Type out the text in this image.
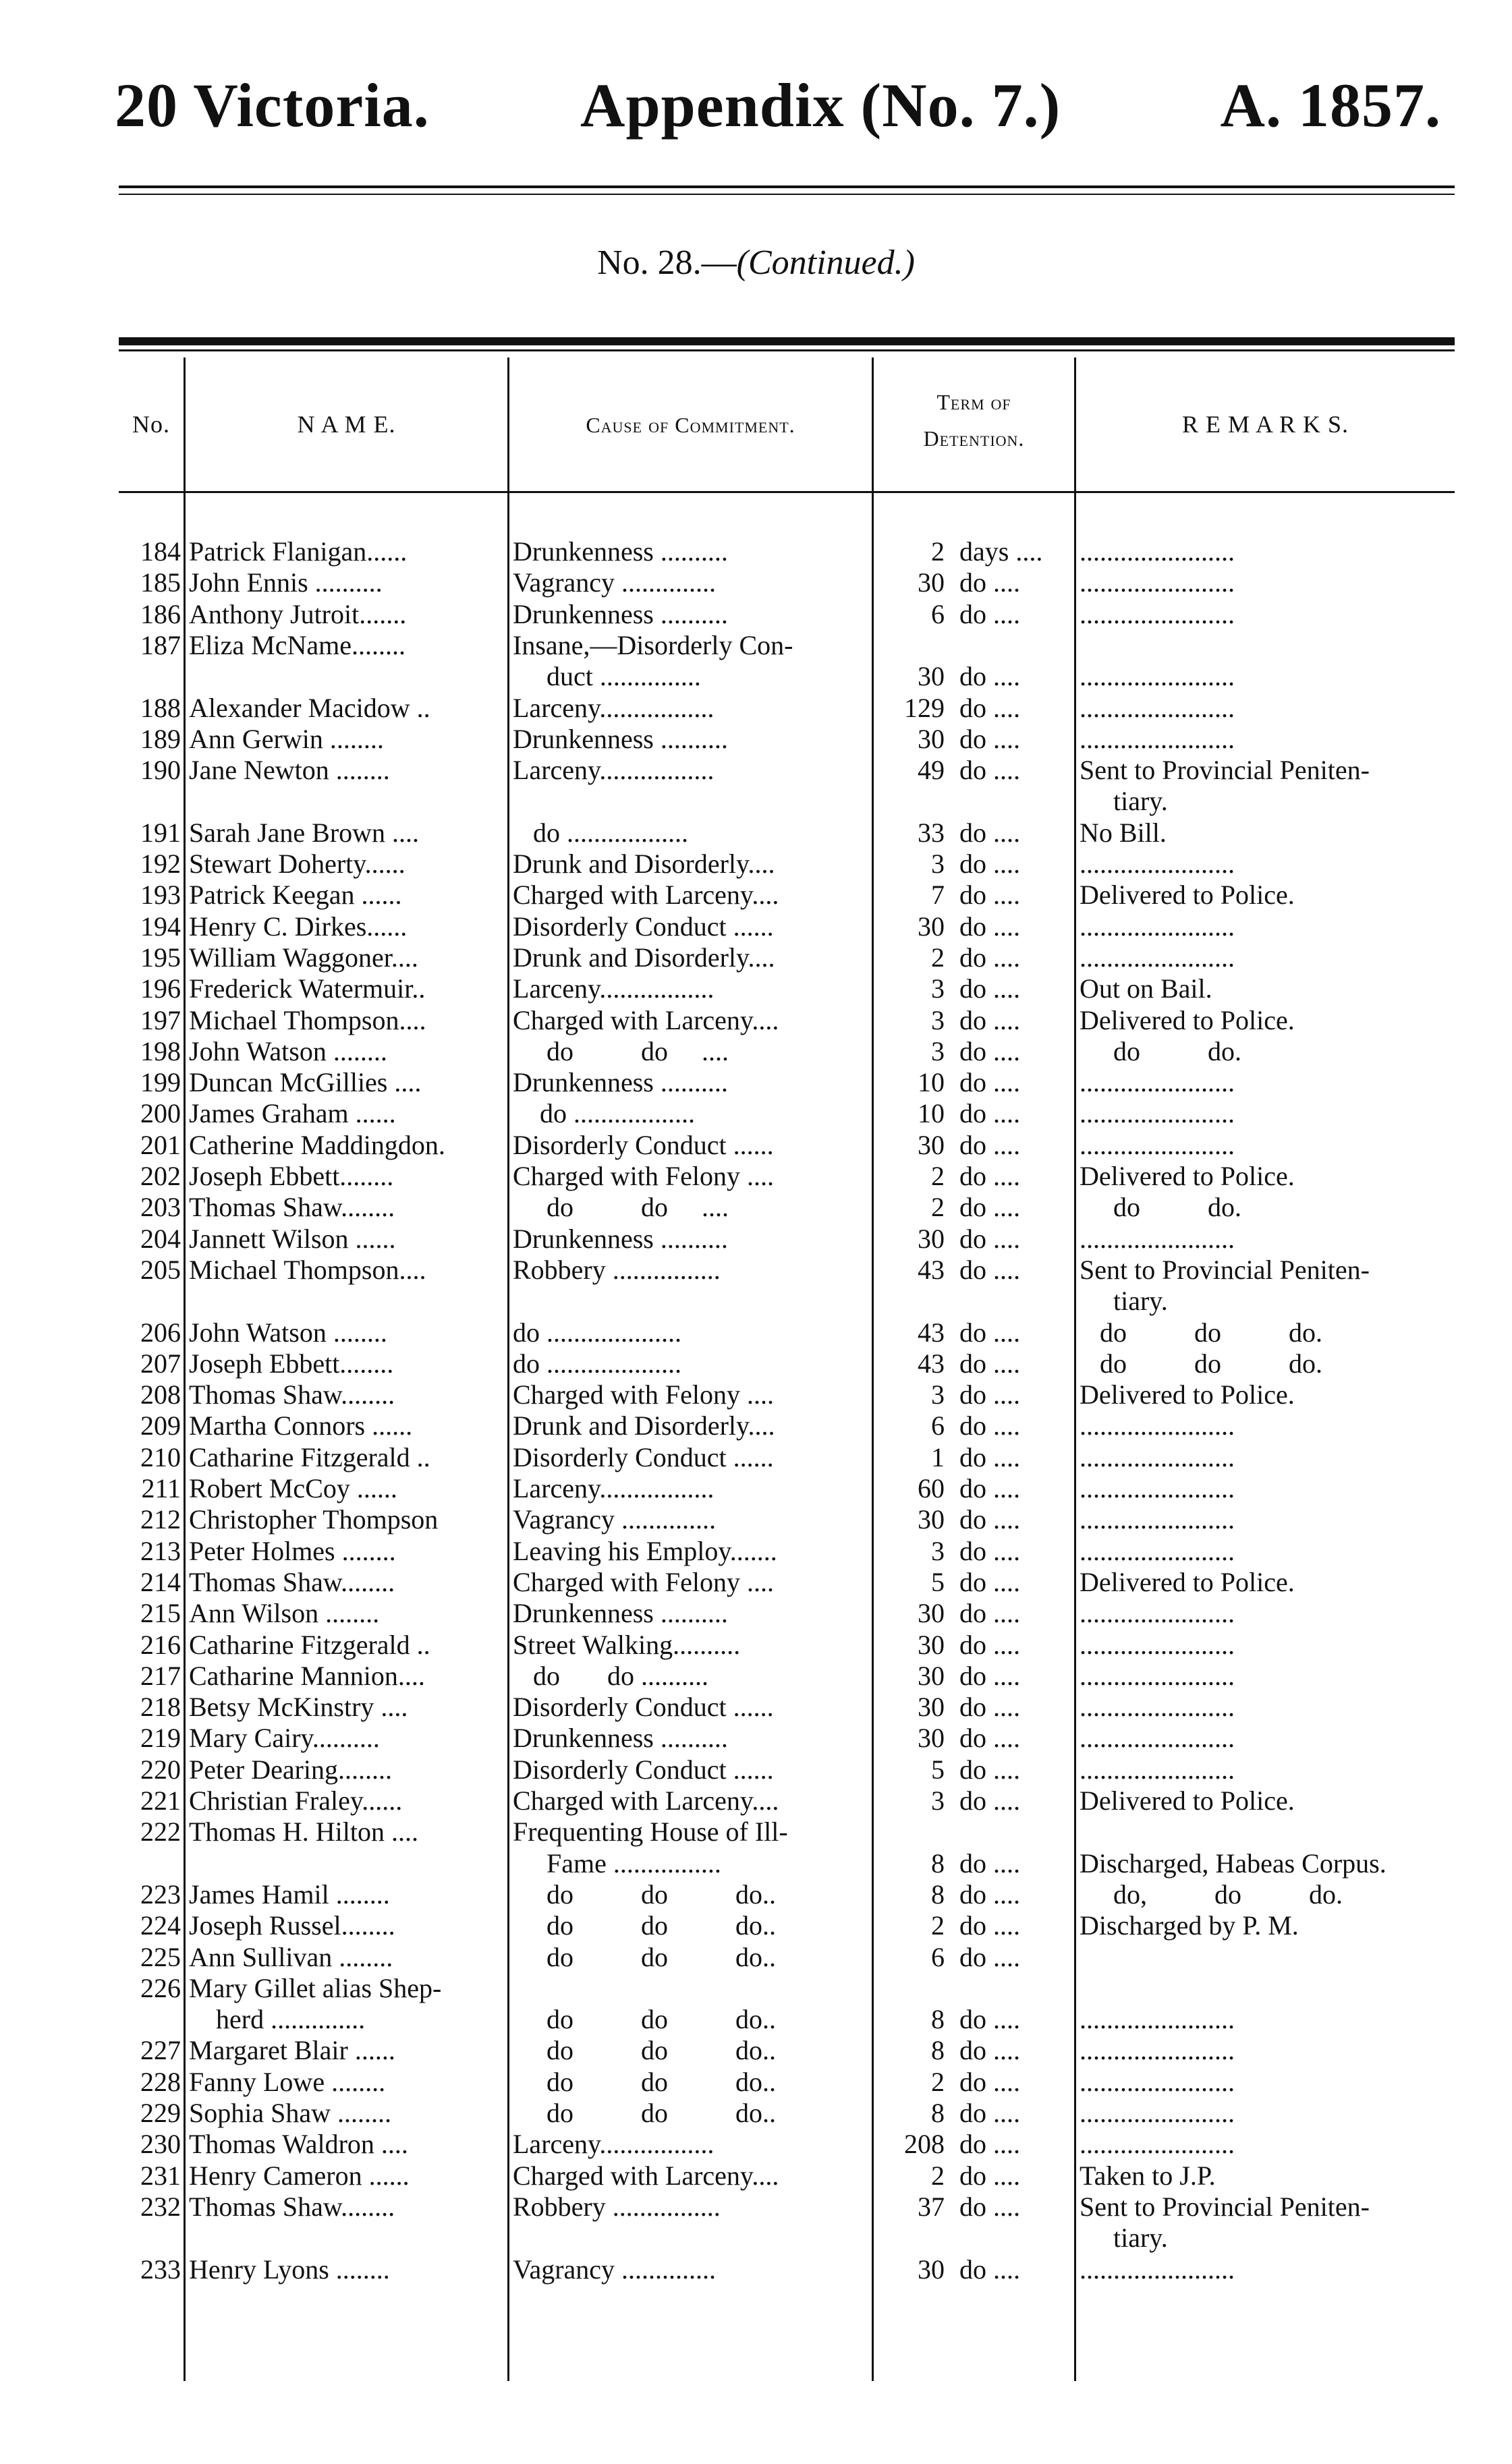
20 Victoria. Appendix (No. 7.)	A. 1857.
No. 28.—(Continued.)
No.	N A M E.	Cause of Commitment.
Term of
Detention.
R E M A R K S.
184 Patrick Flanigan......	Drunkenness ..........	2 days ....	.......................
185 John Ennis ..........	Vagrancy ..............	30 do ....	.......................
186 Anthony Jutroit.......	Drunkenness ..........	6 do ....	.......................
187 Eliza McName........	Insane,—Disorderly Con-
duct ...............	30 do ....	.......................
188 Alexander Macidow ..	Larceny.................	129 do ....	.......................
189 Ann Gerwin ........	Drunkenness ..........	30 do ....	.......................
190 Jane Newton ........	Larceny.................	49 do ....	Sent to Provincial Peniten-
tiary.
191 Sarah Jane Brown ....	do ..................	33 do ....	No Bill.
192 Stewart Doherty......	Drunk and Disorderly....	3 do ....	.......................
193 Patrick Keegan ......	Charged with Larceny....	7 do ....	Delivered to Police.
194 Henry C. Dirkes......	Disorderly Conduct ......	30 do ....	.......................
195 William Waggoner....	Drunk and Disorderly....	2 do ....	.......................
196 Frederick Watermuir..	Larceny.................	3 do ....	Out on Bail.
197 Michael Thompson....	Charged with Larceny....	3 do ....	Delivered to Police.
198 John Watson ........	do          do     ....	3 do ....	do          do.
199 Duncan McGillies ....	Drunkenness ..........	10 do ....	.......................
200 James Graham ......	do ..................	10 do ....	.......................
201 Catherine Maddingdon.	Disorderly Conduct ......	30 do ....	.......................
202 Joseph Ebbett........	Charged with Felony ....	2 do ....	Delivered to Police.
203 Thomas Shaw........	do          do     ....	2 do ....	do          do.
204 Jannett Wilson ......	Drunkenness ..........	30 do ....	.......................
205 Michael Thompson....	Robbery ................	43 do ....	Sent to Provincial Peniten-
tiary.
206 John Watson ........	do ....................	43 do ....	do          do          do.
207 Joseph Ebbett........	do ....................	43 do ....	do          do          do.
208 Thomas Shaw........	Charged with Felony ....	3 do ....	Delivered to Police.
209 Martha Connors ......	Drunk and Disorderly....	6 do ....	.......................
210 Catharine Fitzgerald ..	Disorderly Conduct ......	1 do ....	.......................
211 Robert McCoy ......	Larceny.................	60 do ....	.......................
212 Christopher Thompson	Vagrancy ..............	30 do ....	.......................
213 Peter Holmes ........	Leaving his Employ.......	3 do ....	.......................
214 Thomas Shaw........	Charged with Felony ....	5 do ....	Delivered to Police.
215 Ann Wilson ........	Drunkenness ..........	30 do ....	.......................
216 Catharine Fitzgerald ..	Street Walking..........	30 do ....	.......................
217 Catharine Mannion....	do       do ..........	30 do ....	.......................
218 Betsy McKinstry ....	Disorderly Conduct ......	30 do ....	.......................
219 Mary Cairy..........	Drunkenness ..........	30 do ....	.......................
220 Peter Dearing........	Disorderly Conduct ......	5 do ....	.......................
221 Christian Fraley......	Charged with Larceny....	3 do ....	Delivered to Police.
222 Thomas H. Hilton ....	Frequenting House of Ill-
Fame ................	8 do ....	Discharged, Habeas Corpus.
223 James Hamil ........	do          do          do..	8 do ....	do,          do          do.
224 Joseph Russel........	do          do          do..	2 do ....	Discharged by P. M.
225 Ann Sullivan ........	do          do          do..	6 do ....
226 Mary Gillet alias Shep-
herd ..............	do          do          do..	8 do ....	.......................
227 Margaret Blair ......	do          do          do..	8 do ....	.......................
228 Fanny Lowe ........	do          do          do..	2 do ....	.......................
229 Sophia Shaw ........	do          do          do..	8 do ....	.......................
230 Thomas Waldron ....	Larceny.................	208 do ....	.......................
231 Henry Cameron ......	Charged with Larceny....	2 do ....	Taken to J.P.
232 Thomas Shaw........	Robbery ................	37 do ....	Sent to Provincial Peniten-
tiary.
233 Henry Lyons ........	Vagrancy ..............	30 do ....	.......................
